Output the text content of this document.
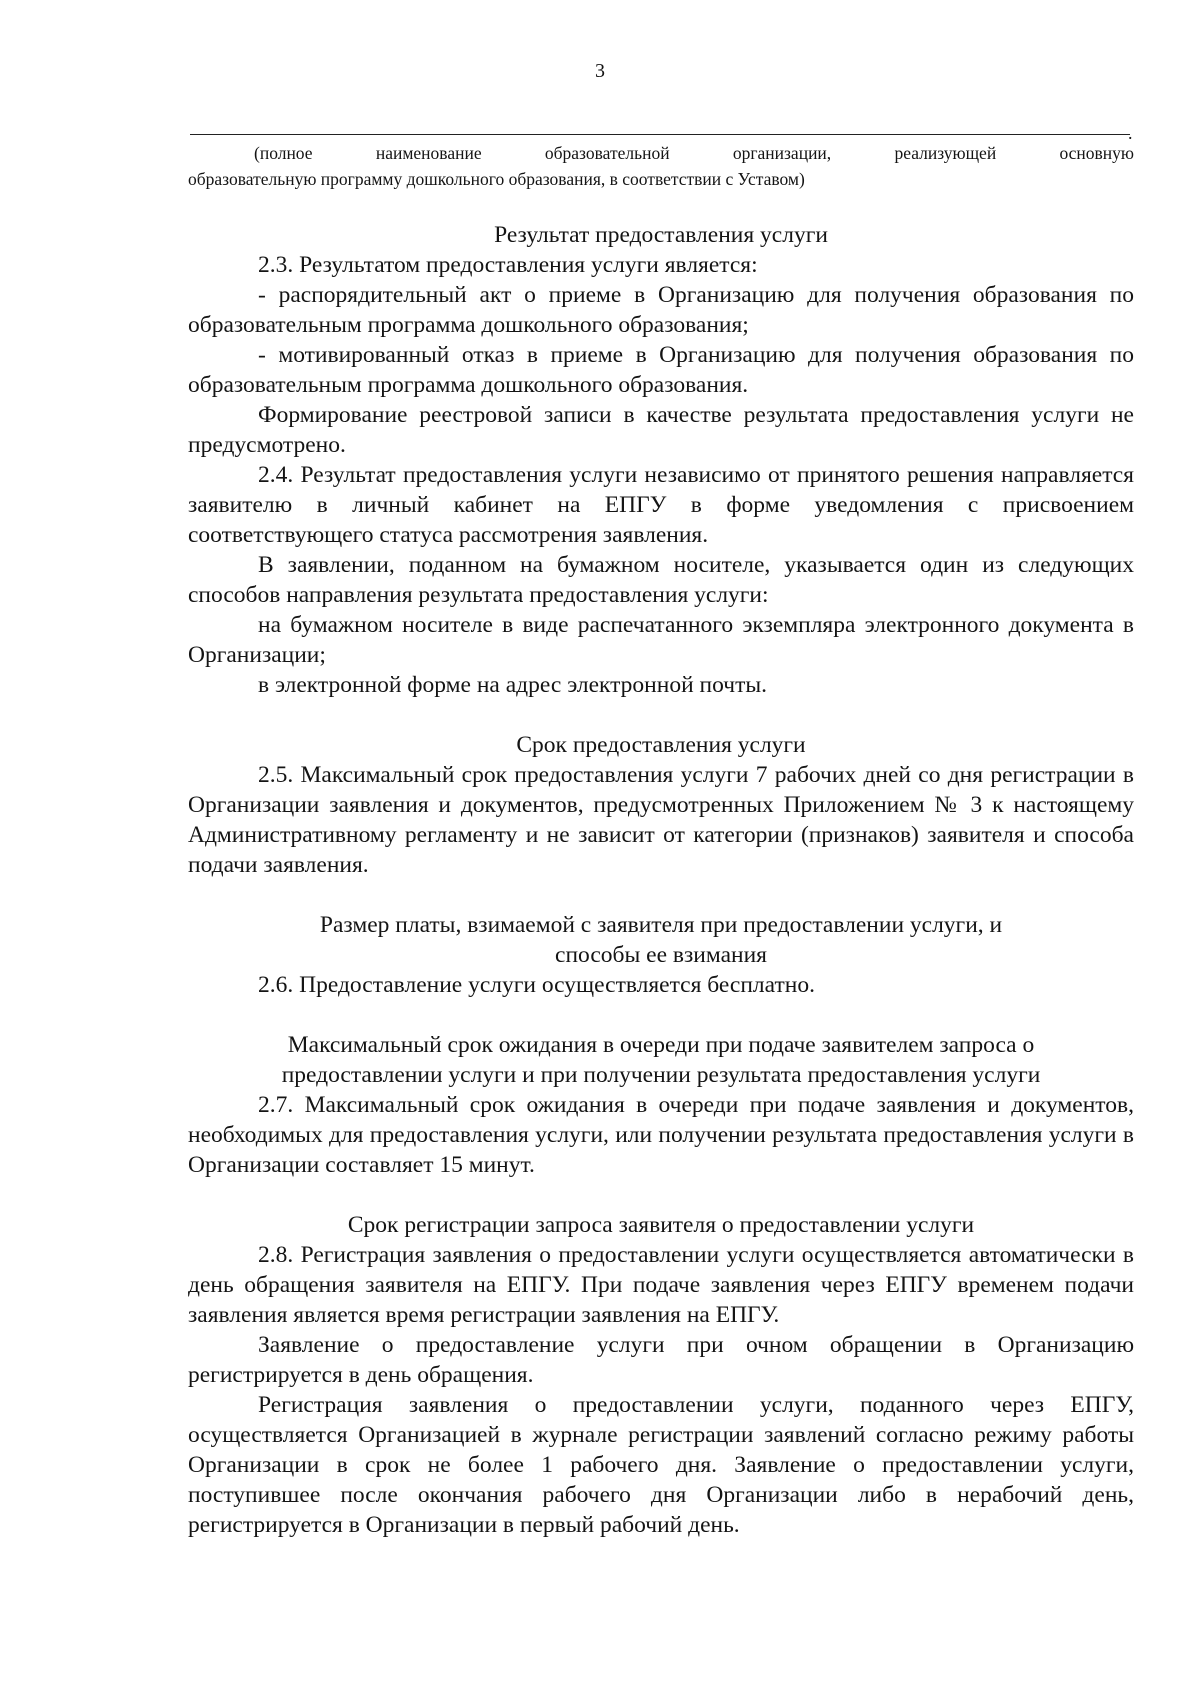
3
.
(полное наименование образовательной организации, реализующей основную
образовательную программу дошкольного образования, в соответствии с Уставом)
Результат предоставления услуги

2.3. Результатом предоставления услуги является:

- распорядительный акт о приеме в Организацию для получения образования по образовательным программа дошкольного образования;

- мотивированный отказ в приеме в Организацию для получения образования по образовательным программа дошкольного образования.

Формирование реестровой записи в качестве результата предоставления услуги не предусмотрено.

2.4. Результат предоставления услуги независимо от принятого решения направляется заявителю в личный кабинет на ЕПГУ в форме уведомления с присвоением соответствующего статуса рассмотрения заявления.

В заявлении, поданном на бумажном носителе, указывается один из следующих способов направления результата предоставления услуги:

на бумажном носителе в виде распечатанного экземпляра электронного документа в Организации;

в электронной форме на адрес электронной почты.

Срок предоставления услуги

2.5. Максимальный срок предоставления услуги 7 рабочих дней со дня регистрации в Организации заявления и документов, предусмотренных Приложением № 3 к настоящему Административному регламенту и не зависит от категории (признаков) заявителя и способа подачи заявления.

Размер платы, взимаемой с заявителя при предоставлении услуги, и
способы ее взимания

2.6. Предоставление услуги осуществляется бесплатно.

Максимальный срок ожидания в очереди при подаче заявителем запроса о
предоставлении услуги и при получении результата предоставления услуги

2.7. Максимальный срок ожидания в очереди при подаче заявления и документов, необходимых для предоставления услуги, или получении результата предоставления услуги в Организации составляет 15 минут.

Срок регистрации запроса заявителя о предоставлении услуги

2.8. Регистрация заявления о предоставлении услуги осуществляется автоматически в день обращения заявителя на ЕПГУ. При подаче заявления через ЕПГУ временем подачи заявления является время регистрации заявления на ЕПГУ.

Заявление о предоставление услуги при очном обращении в Организацию регистрируется в день обращения.

Регистрация заявления о предоставлении услуги, поданного через ЕПГУ, осуществляется Организацией в журнале регистрации заявлений согласно режиму работы Организации в срок не более 1 рабочего дня. Заявление о предоставлении услуги, поступившее после окончания рабочего дня Организации либо в нерабочий день, регистрируется в Организации в первый рабочий день.
